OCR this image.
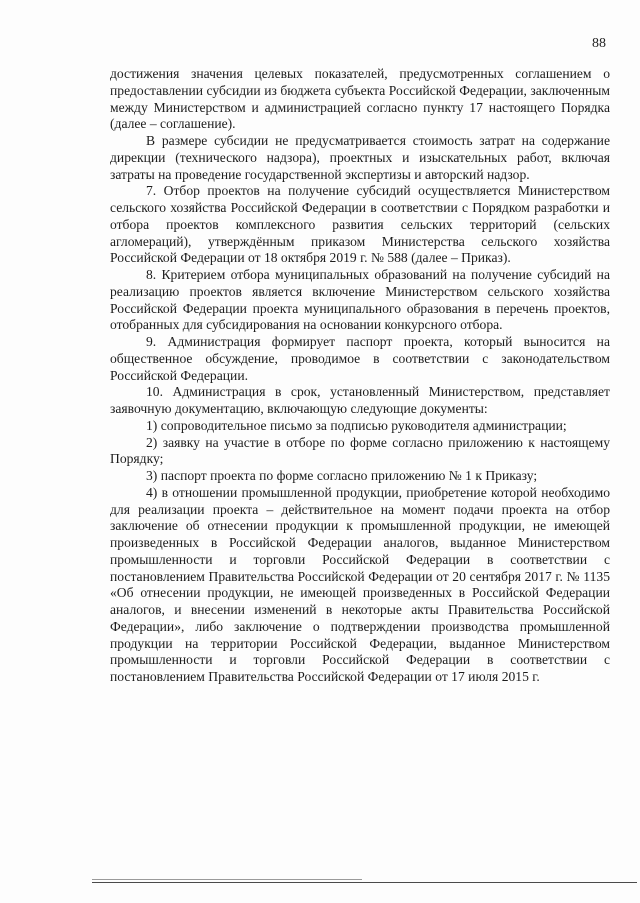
88

достижения значения целевых показателей, предусмотренных соглашением о предоставлении субсидии из бюджета субъекта Российской Федерации, заключенным между Министерством и администрацией согласно пункту 17 настоящего Порядка (далее – соглашение).

В размере субсидии не предусматривается стоимость затрат на содержание дирекции (технического надзора), проектных и изыскательных работ, включая затраты на проведение государственной экспертизы и авторский надзор.

7. Отбор проектов на получение субсидий осуществляется Министерством сельского хозяйства Российской Федерации в соответствии с Порядком разработки и отбора проектов комплексного развития сельских территорий (сельских агломераций), утверждённым приказом Министерства сельского хозяйства Российской Федерации от 18 октября 2019 г. № 588 (далее – Приказ).

8. Критерием отбора муниципальных образований на получение субсидий на реализацию проектов является включение Министерством сельского хозяйства Российской Федерации проекта муниципального образования в перечень проектов, отобранных для субсидирования на основании конкурсного отбора.

9. Администрация формирует паспорт проекта, который выносится на общественное обсуждение, проводимое в соответствии с законодательством Российской Федерации.

10. Администрация в срок, установленный Министерством, представляет заявочную документацию, включающую следующие документы:

1) сопроводительное письмо за подписью руководителя администрации;

2) заявку на участие в отборе по форме согласно приложению к настоящему Порядку;

3) паспорт проекта по форме согласно приложению № 1 к Приказу;

4) в отношении промышленной продукции, приобретение которой необходимо для реализации проекта – действительное на момент подачи проекта на отбор заключение об отнесении продукции к промышленной продукции, не имеющей произведенных в Российской Федерации аналогов, выданное Министерством промышленности и торговли Российской Федерации в соответствии с постановлением Правительства Российской Федерации от 20 сентября 2017 г. № 1135 «Об отнесении продукции, не имеющей произведенных в Российской Федерации аналогов, и внесении изменений в некоторые акты Правительства Российской Федерации», либо заключение о подтверждении производства промышленной продукции на территории Российской Федерации, выданное Министерством промышленности и торговли Российской Федерации в соответствии с постановлением Правительства Российской Федерации от 17 июля 2015 г.
